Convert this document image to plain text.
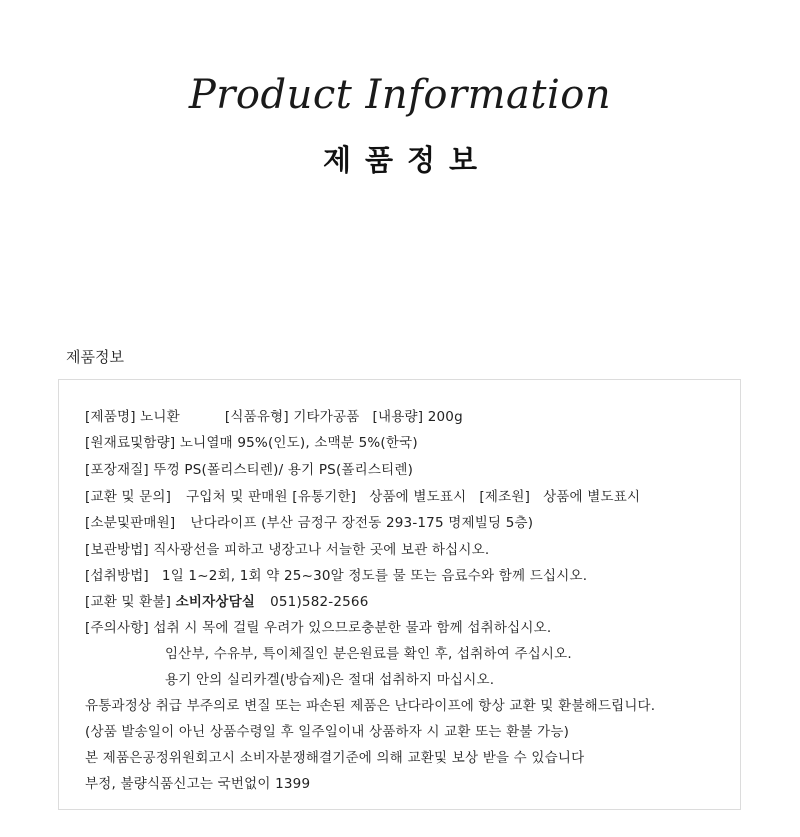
Product Information
제품정보
제품정보
[제품명] 노니환	[식품유형] 기타가공품 [내용량] 200g
[원재료및함량] 노니열매 95%(인도), 소맥분 5%(한국)
[포장재질] 뚜껑 PS(폴리스티렌)/ 용기 PS(폴리스티렌)
[교환 및 문의] 구입처 및 판매원 [유통기한] 상품에 별도표시 [제조원] 상품에 별도표시
[소분및판매원] 난다라이프 (부산 금정구 장전동 293-175 명제빌딩 5층)
[보관방법] 직사광선을 피하고 냉장고나 서늘한 곳에 보관 하십시오.
[섭취방법] 1일 1~2회, 1회 약 25~30알 정도를 물 또는 음료수와 함께 드십시오.
[교환 및 환불] 소비자상담실 051)582-2566
[주의사항] 섭취 시 목에 걸릴 우려가 있으므로충분한 물과 함께 섭취하십시오.
임산부, 수유부, 특이체질인 분은원료를 확인 후, 섭취하여 주십시오.
용기 안의 실리카겔(방습제)은 절대 섭취하지 마십시오.
유통과정상 취급 부주의로 변질 또는 파손된 제품은 난다라이프에 항상 교환 및 환불해드립니다.
(상품 발송일이 아닌 상품수령일 후 일주일이내 상품하자 시 교환 또는 환불 가능)
본 제품은공정위원회고시 소비자분쟁해결기준에 의해 교환및 보상 받을 수 있습니다
부정, 불량식품신고는 국번없이 1399
